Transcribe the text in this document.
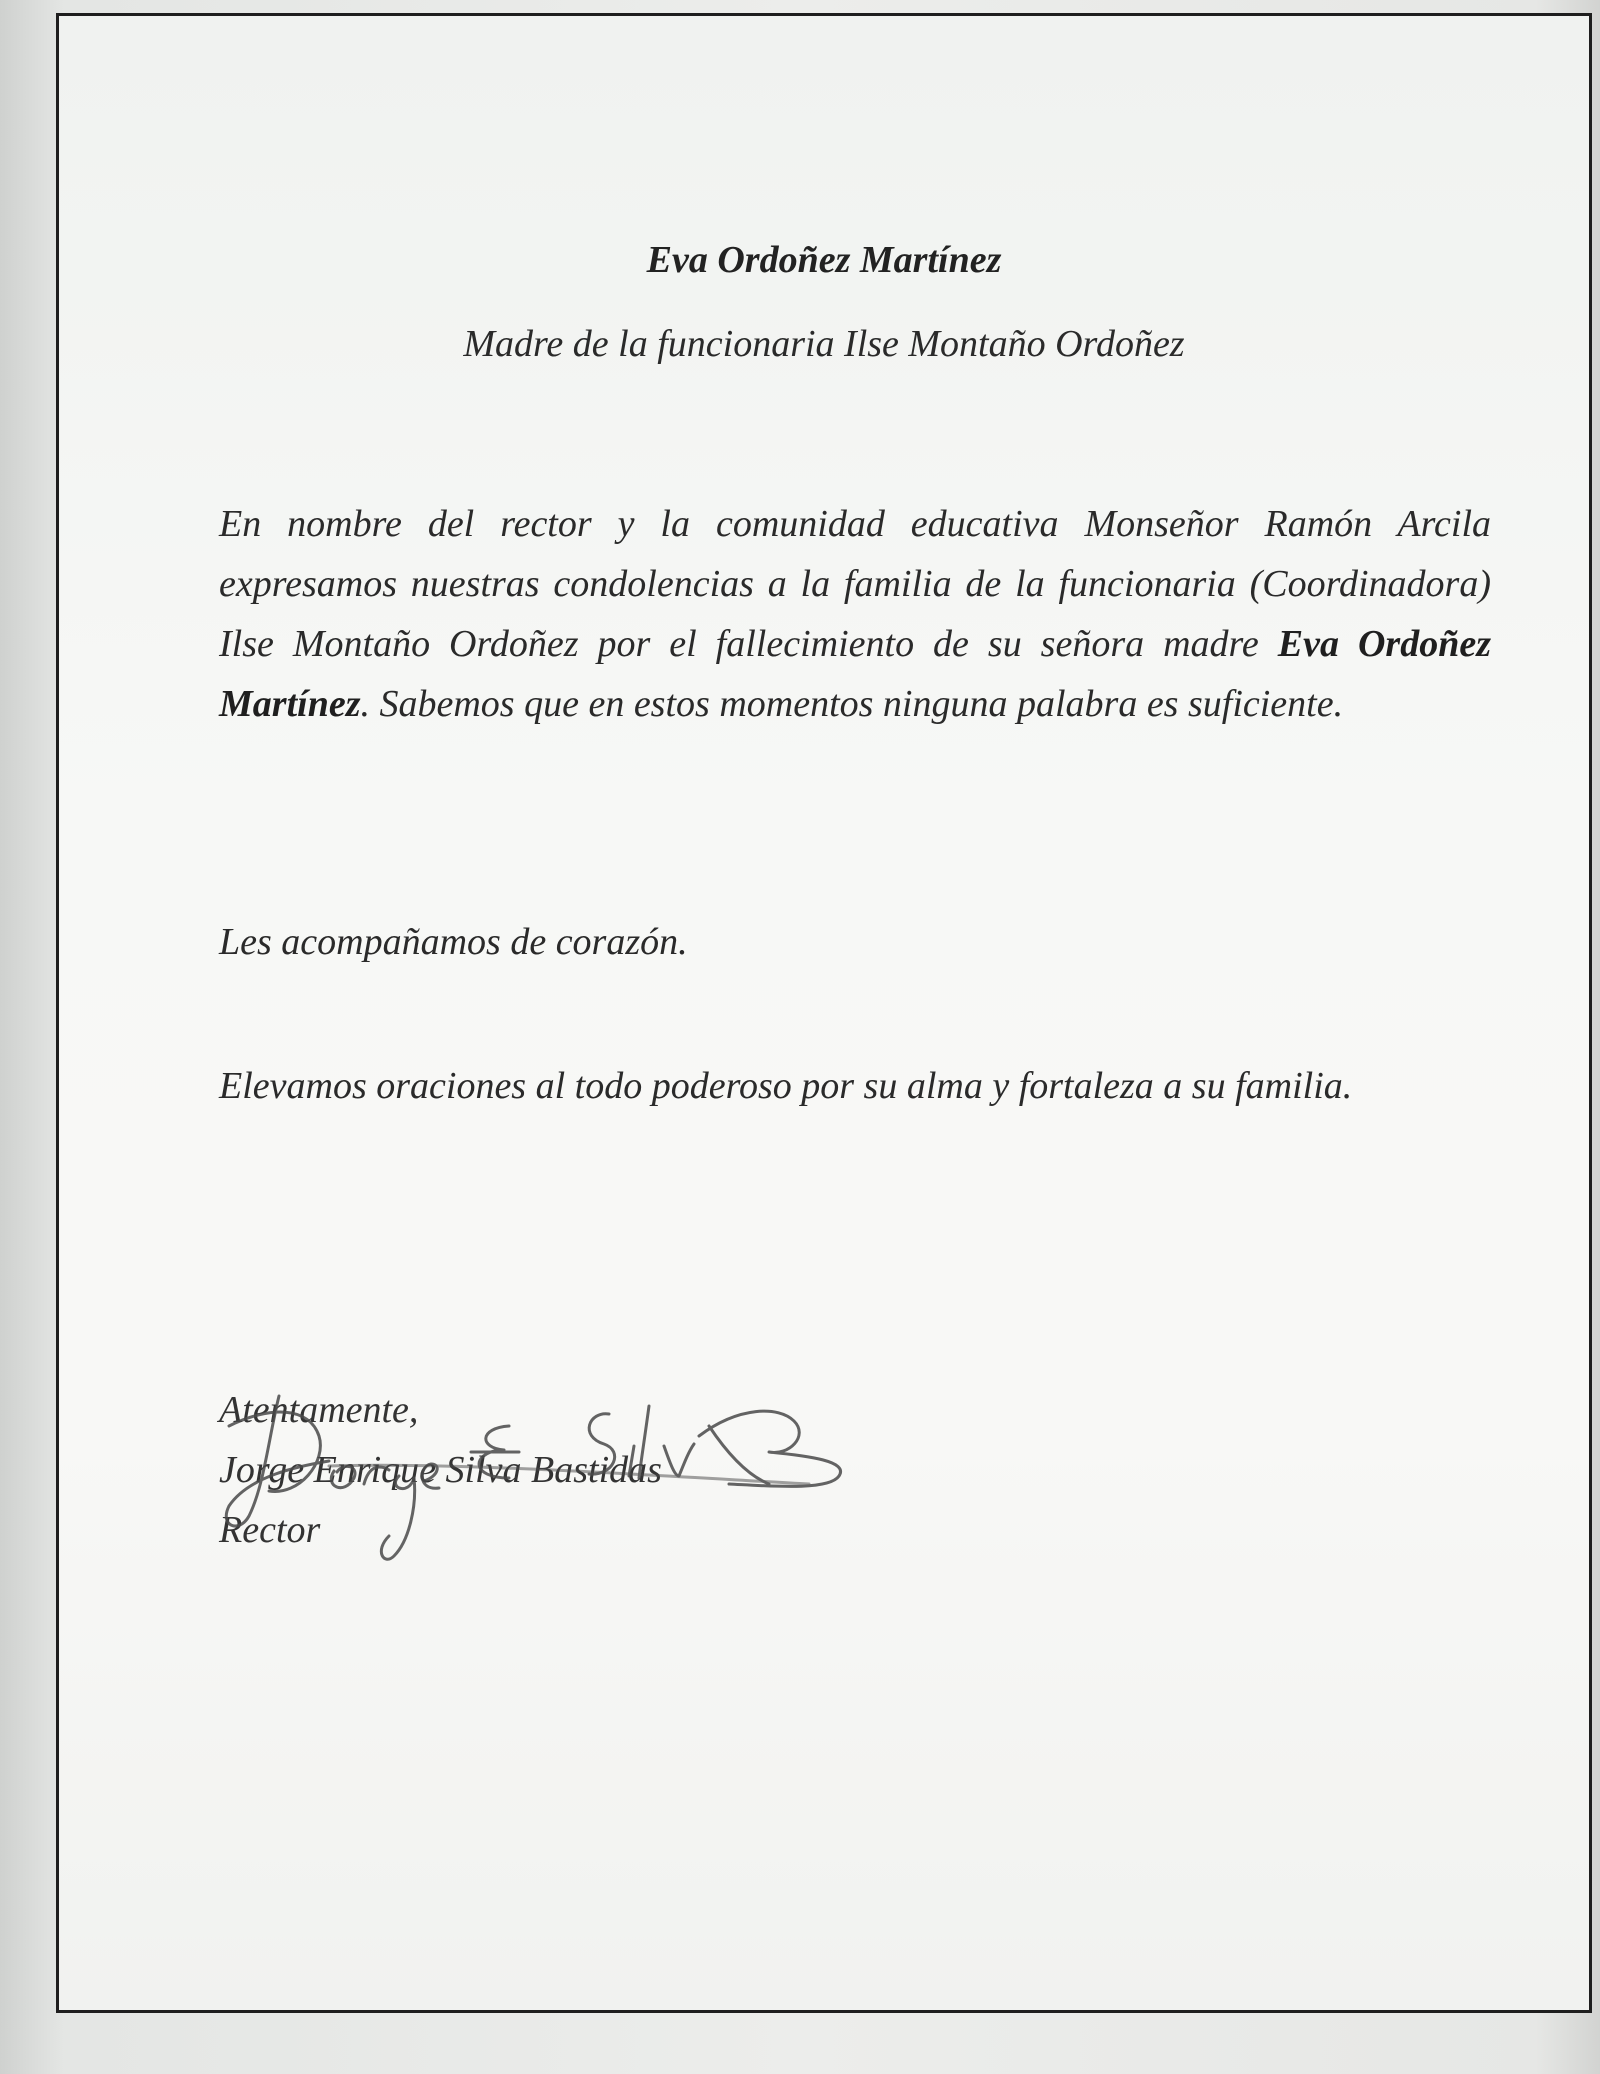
Eva Ordoñez Martínez
Madre de la funcionaria Ilse Montaño Ordoñez
En nombre del rector y la comunidad educativa Monseñor Ramón Arcila expresamos nuestras condolencias a la familia de la funcionaria (Coordinadora) Ilse Montaño Ordoñez por el fallecimiento de su señora madre Eva Ordoñez Martínez. Sabemos que en estos momentos ninguna palabra es suficiente.
Les acompañamos de corazón.
Elevamos oraciones al todo poderoso por su alma y fortaleza a su familia.
Atentamente,
Jorge Enrique Silva Bastidas
Rector
